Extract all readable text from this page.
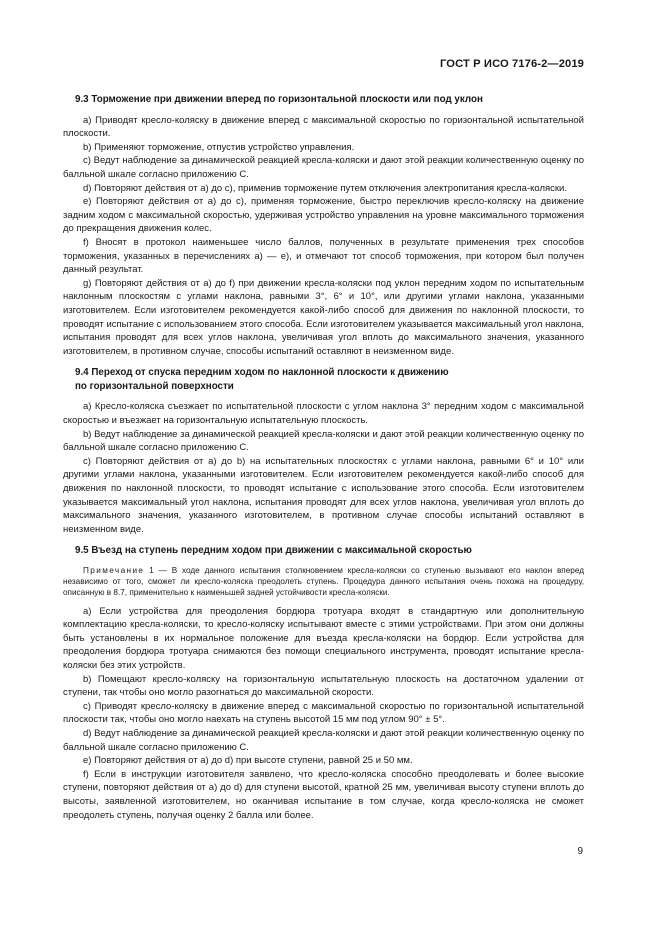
ГОСТ Р ИСО 7176-2—2019
9.3 Торможение при движении вперед по горизонтальной плоскости или под уклон

a) Приводят кресло-коляску в движение вперед с максимальной скоростью по горизонтальной испытательной плоскости.

b) Применяют торможение, отпустив устройство управления.

c) Ведут наблюдение за динамической реакцией кресла-коляски и дают этой реакции количественную оценку по балльной шкале согласно приложению С.

d) Повторяют действия от a) до c), применив торможение путем отключения электропитания кресла-коляски.

e) Повторяют действия от a) до c), применяя торможение, быстро переключив кресло-коляску на движение задним ходом с максимальной скоростью, удерживая устройство управления на уровне максимального торможения до прекращения движения колес.

f) Вносят в протокол наименьшее число баллов, полученных в результате применения трех способов торможения, указанных в перечислениях а) — е), и отмечают тот способ торможения, при котором был получен данный результат.

g) Повторяют действия от a) до f) при движении кресла-коляски под уклон передним ходом по испытательным наклонным плоскостям с углами наклона, равными 3°, 6° и 10°, или другими углами наклона, указанными изготовителем. Если изготовителем рекомендуется какой-либо способ для движения по наклонной плоскости, то проводят испытание с использованием этого способа. Если изготовителем указывается максимальный угол наклона, испытания проводят для всех углов наклона, увеличивая угол вплоть до максимального значения, указанного изготовителем, в противном случае, способы испытаний оставляют в неизменном виде.

9.4 Переход от спуска передним ходом по наклонной плоскости к движению
по горизонтальной поверхности

a) Кресло-коляска съезжает по испытательной плоскости с углом наклона 3° передним ходом с максимальной скоростью и въезжает на горизонтальную испытательную плоскость.

b) Ведут наблюдение за динамической реакцией кресла-коляски и дают этой реакции количественную оценку по балльной шкале согласно приложению С.

c) Повторяют действия от a) до b) на испытательных плоскостях с углами наклона, равными 6° и 10° или другими углами наклона, указанными изготовителем. Если изготовителем рекомендуется какой-либо способ для движения по наклонной плоскости, то проводят испытание с использование этого способа. Если изготовителем указывается максимальный угол наклона, испытания проводят для всех углов наклона, увеличивая угол вплоть до максимального значения, указанного изготовителем, в противном случае способы испытаний оставляют в неизменном виде.

9.5 Въезд на ступень передним ходом при движении с максимальной скоростью

Примечание 1 — В ходе данного испытания столкновением кресла-коляски со ступенью вызывают его наклон вперед независимо от того, сможет ли кресло-коляска преодолеть ступень. Процедура данного испытания очень похожа на процедуру, описанную в 8.7, применительно к наименьшей задней устойчивости кресла-коляски.

a) Если устройства для преодоления бордюра тротуара входят в стандартную или дополнительную комплектацию кресла-коляски, то кресло-коляску испытывают вместе с этими устройствами. При этом они должны быть установлены в их нормальное положение для въезда кресла-коляски на бордюр. Если устройства для преодоления бордюра тротуара снимаются без помощи специального инструмента, проводят испытание кресла-коляски без этих устройств.

b) Помещают кресло-коляску на горизонтальную испытательную плоскость на достаточном удалении от ступени, так чтобы оно могло разогнаться до максимальной скорости.

c) Приводят кресло-коляску в движение вперед с максимальной скоростью по горизонтальной испытательной плоскости так, чтобы оно могло наехать на ступень высотой 15 мм под углом 90° ± 5°.

d) Ведут наблюдение за динамической реакцией кресла-коляски и дают этой реакции количественную оценку по балльной шкале согласно приложению С.

e) Повторяют действия от a) до d) при высоте ступени, равной 25 и 50 мм.

f) Если в инструкции изготовителя заявлено, что кресло-коляска способно преодолевать и более высокие ступени, повторяют действия от a) до d) для ступени высотой, кратной 25 мм, увеличивая высоту ступени вплоть до высоты, заявленной изготовителем, но оканчивая испытание в том случае, когда кресло-коляска не сможет преодолеть ступень, получая оценку 2 балла или более.

9
